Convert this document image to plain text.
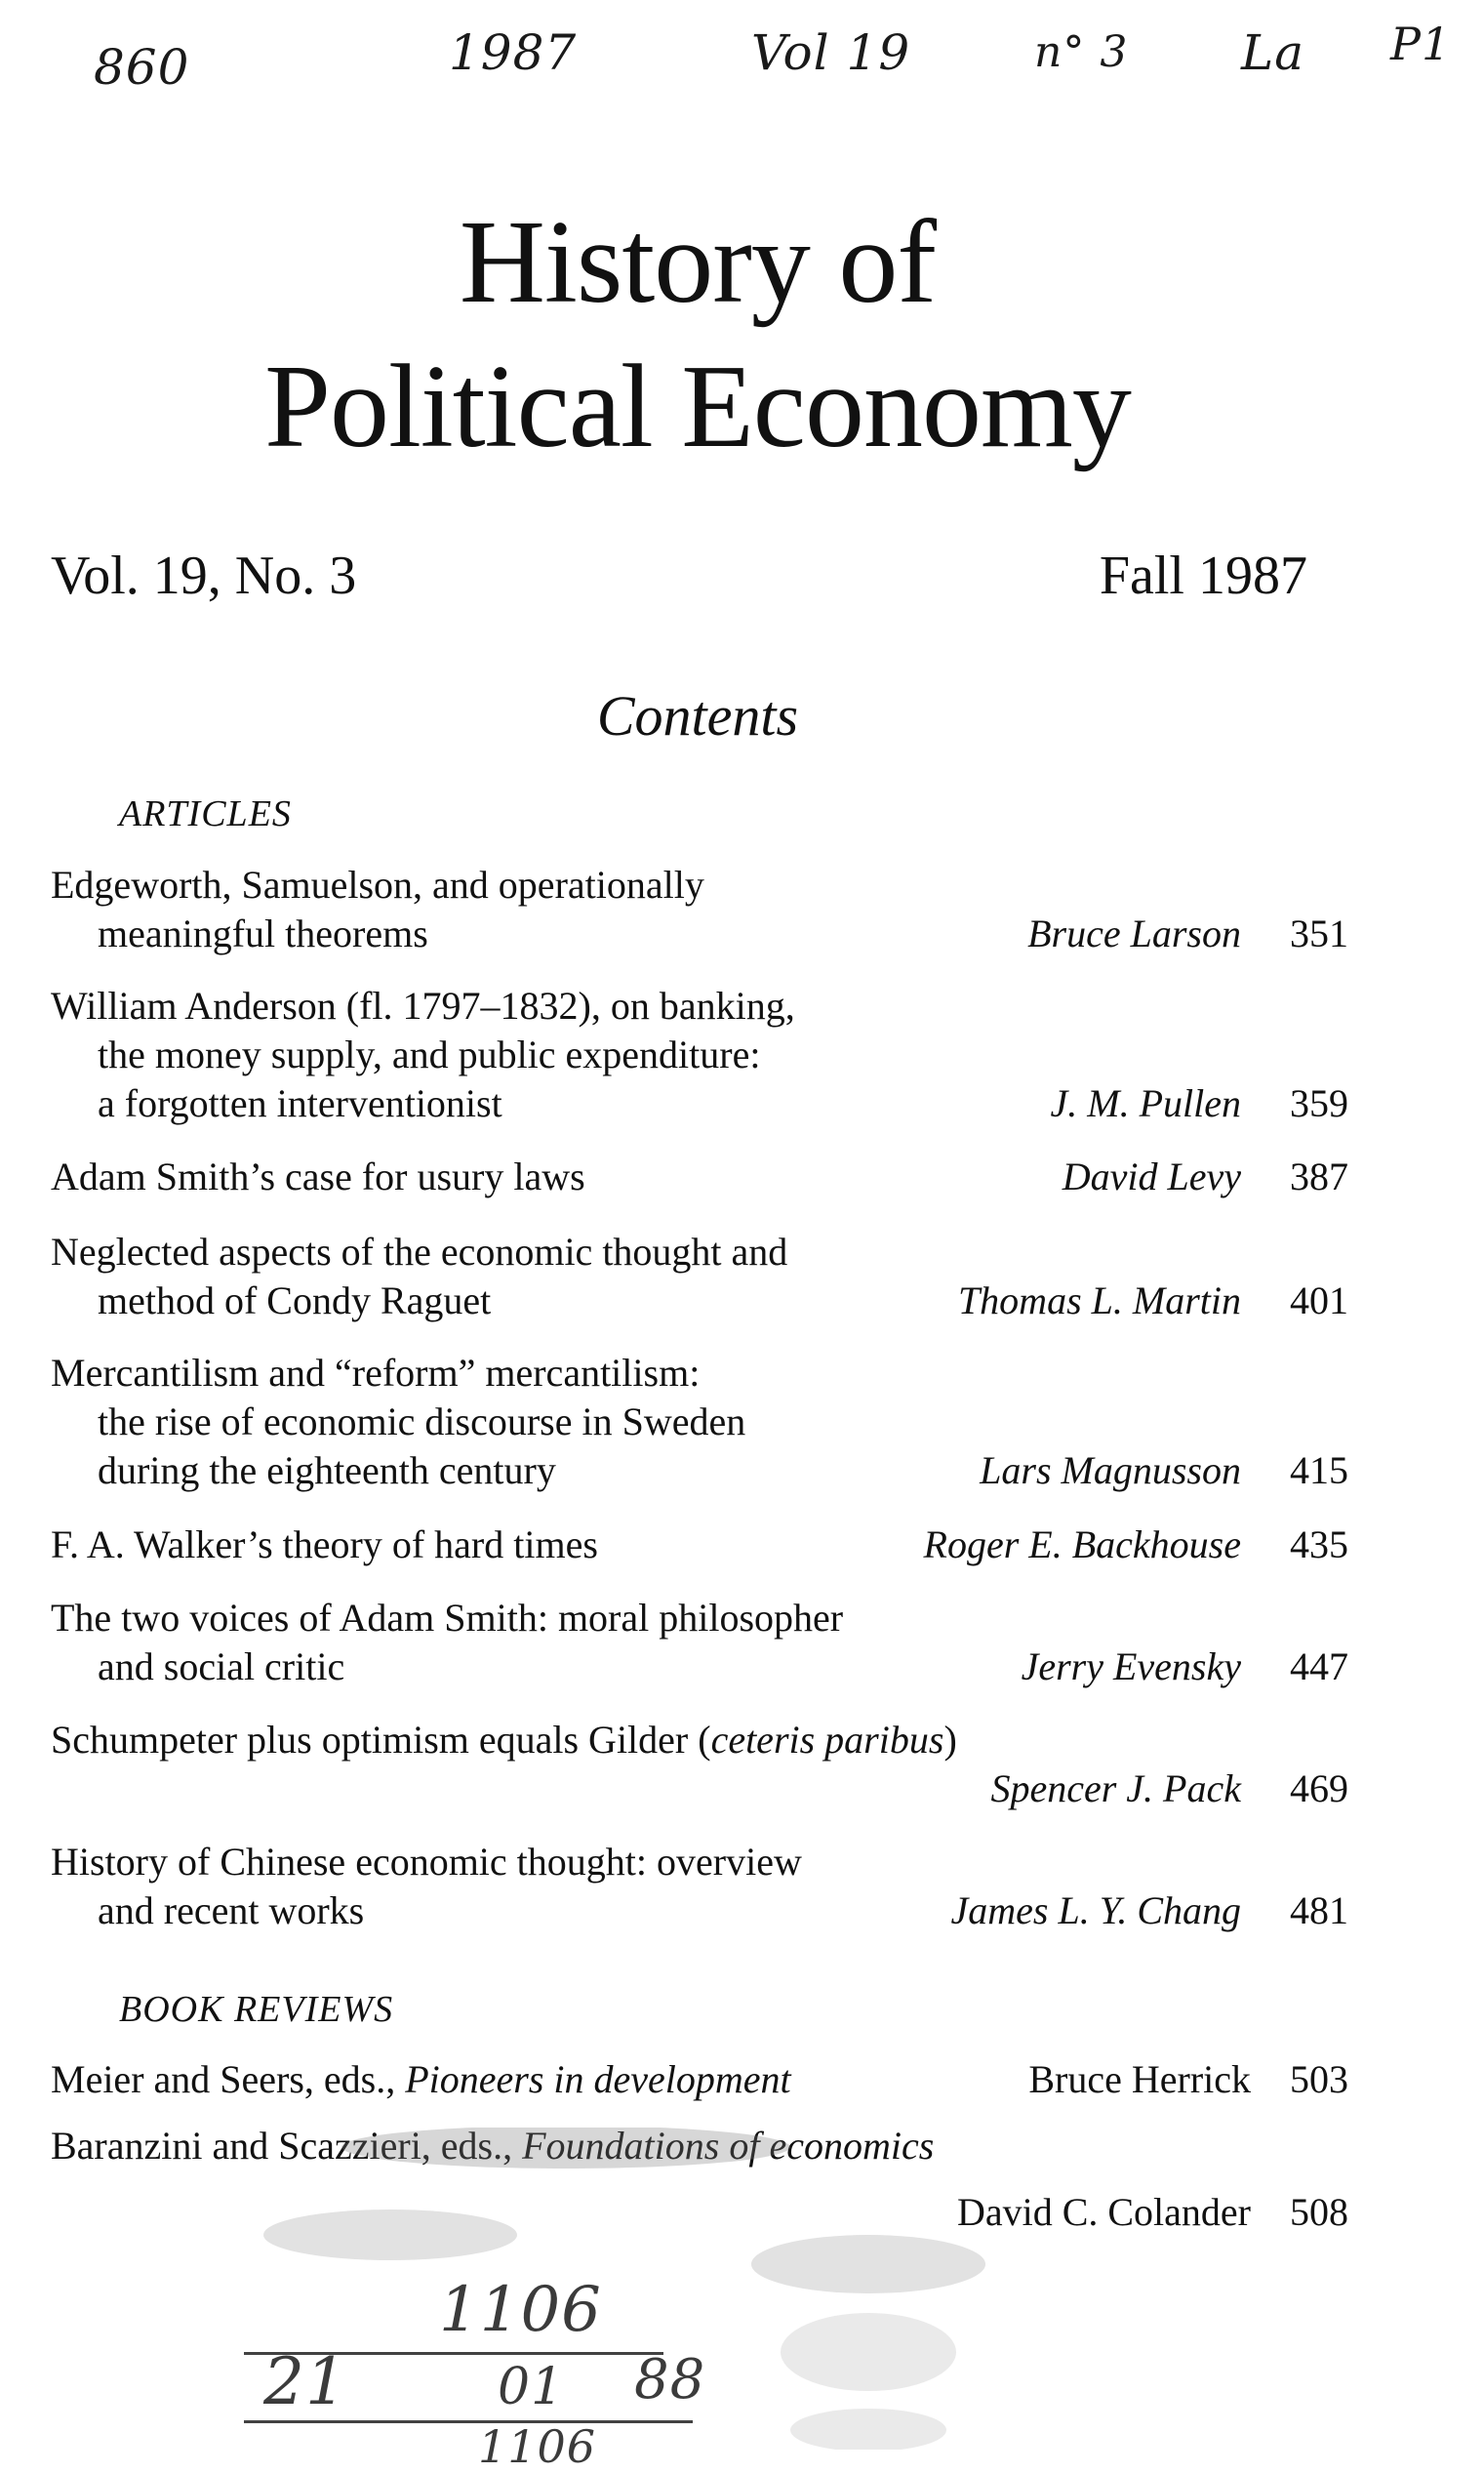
860	1987	Vol 19	n° 3 La P1
History of
Political Economy
Vol. 19, No. 3	Fall 1987
Contents
ARTICLES
Edgeworth, Samuelson, and operationally
meaningful theorems	Bruce Larson	351
William Anderson (fl. 1797–1832), on banking,
the money supply, and public expenditure:
a forgotten interventionist	J. M. Pullen	359
Adam Smith’s case for usury laws	David Levy	387
Neglected aspects of the economic thought and
method of Condy Raguet	Thomas L. Martin	401
Mercantilism and “reform” mercantilism:
the rise of economic discourse in Sweden
during the eighteenth century	Lars Magnusson	415
F. A. Walker’s theory of hard times	Roger E. Backhouse	435
The two voices of Adam Smith: moral philosopher
and social critic	Jerry Evensky	447
Schumpeter plus optimism equals Gilder (ceteris paribus)

Spencer J. Pack	469
History of Chinese economic thought: overview
and recent works	James L. Y. Chang	481
BOOK REVIEWS
Meier and Seers, eds., Pioneers in development	Bruce Herrick	503
Baranzini and Scazzieri, eds., Foundations of economics
David C. Colander	508
1106
21	01 88
1106
